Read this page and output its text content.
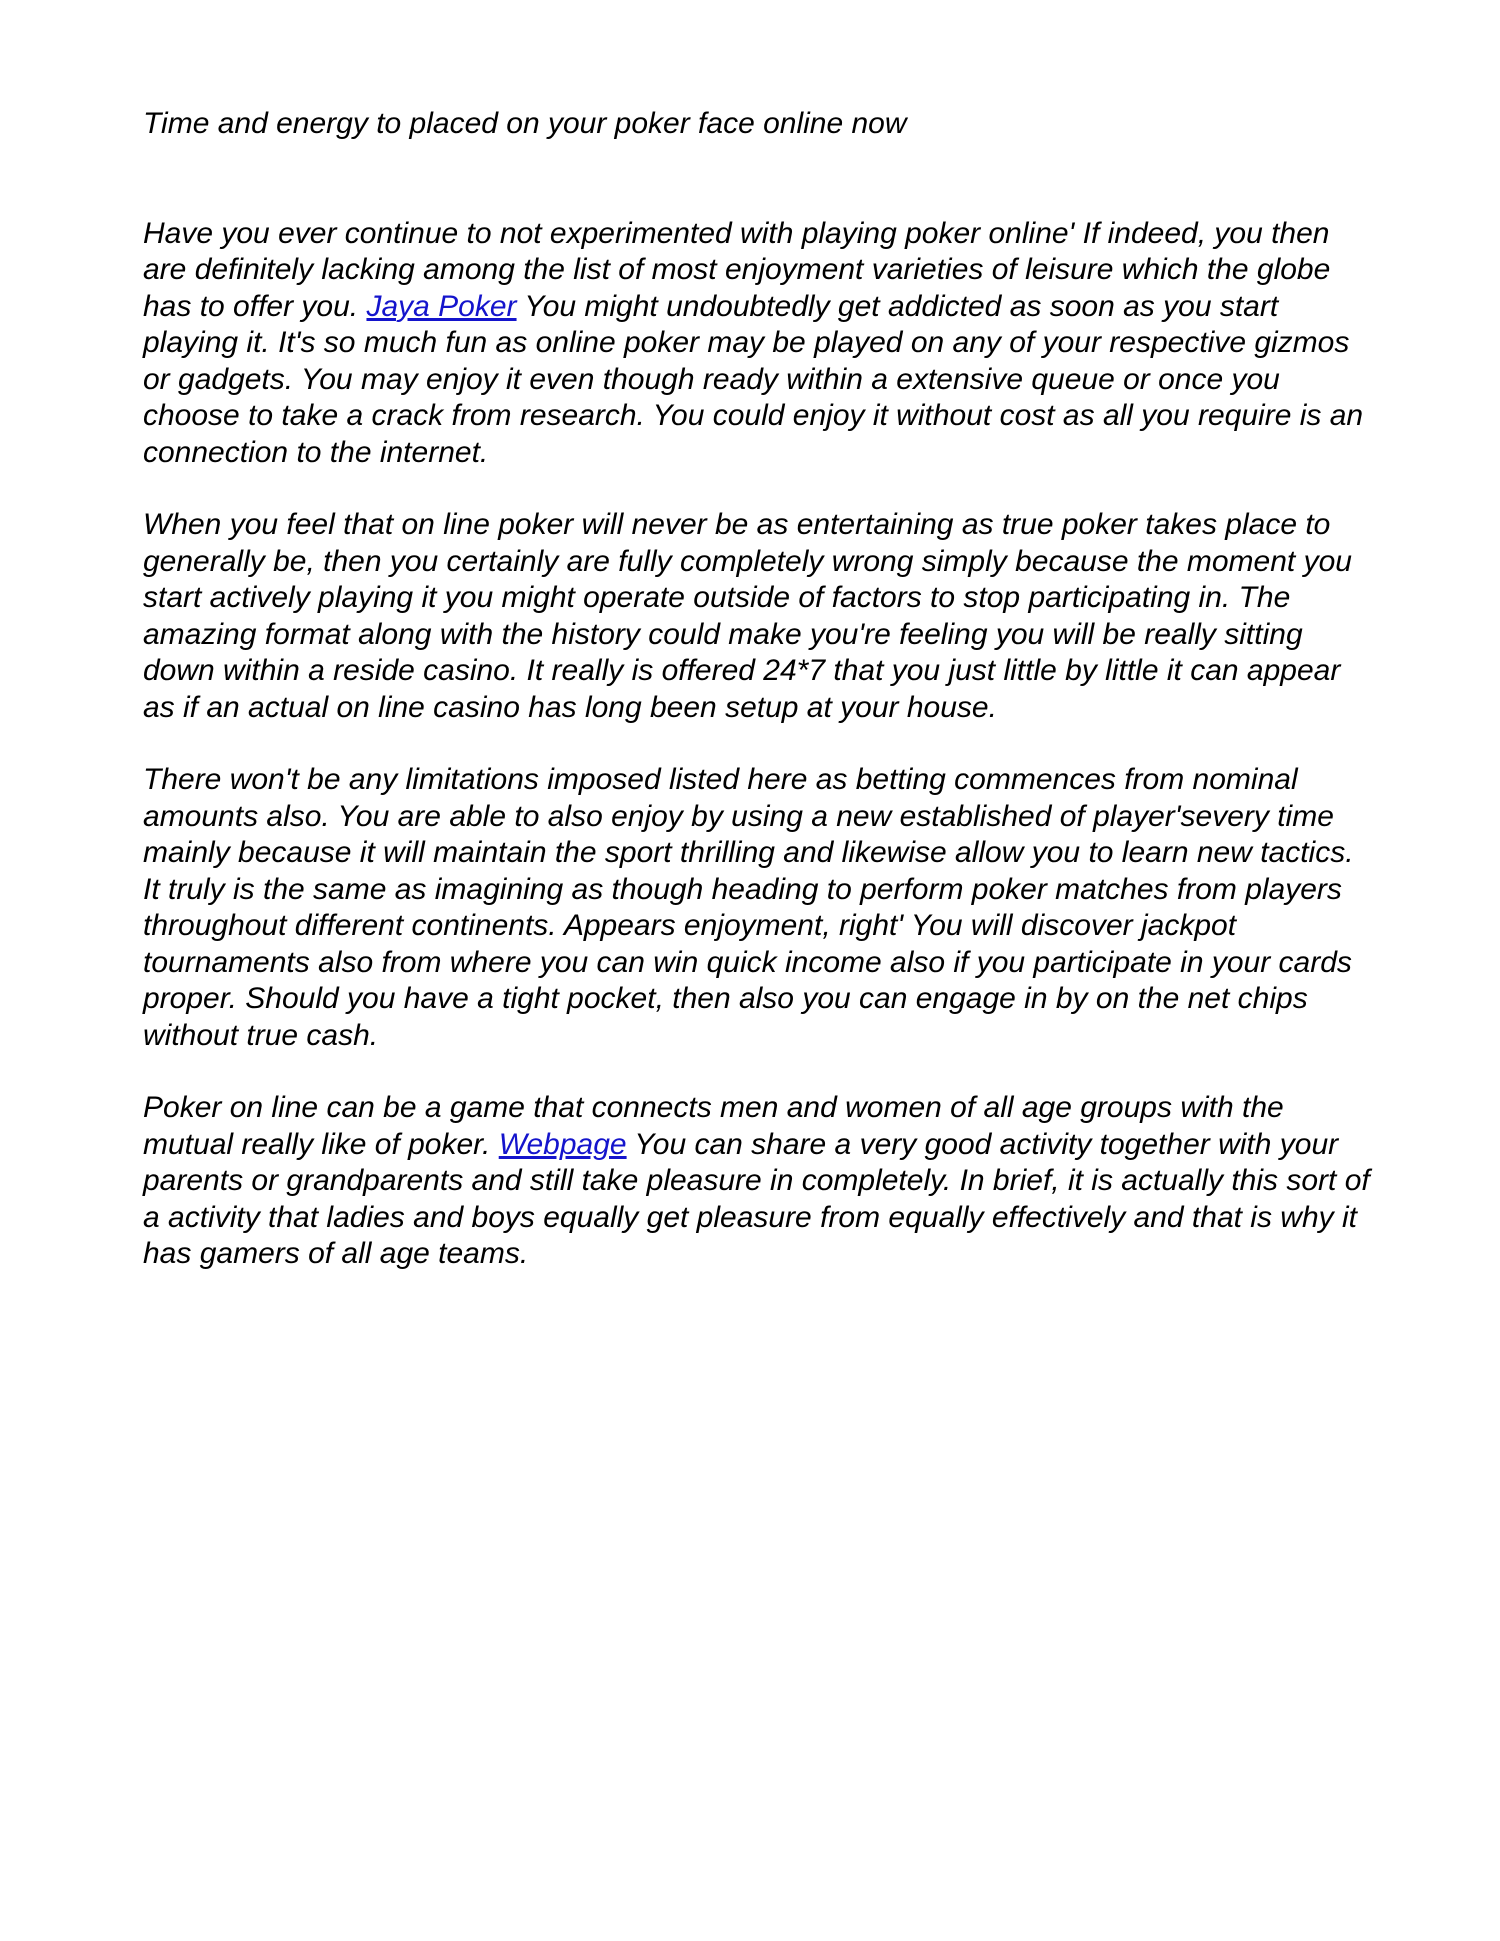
Time and energy to placed on your poker face online now

Have you ever continue to not experimented with playing poker online' If indeed, you then are definitely lacking among the list of most enjoyment varieties of leisure which the globe has to offer you. Jaya Poker You might undoubtedly get addicted as soon as you start playing it. It's so much fun as online poker may be played on any of your respective gizmos or gadgets. You may enjoy it even though ready within a extensive queue or once you choose to take a crack from research. You could enjoy it without cost as all you require is an connection to the internet.

When you feel that on line poker will never be as entertaining as true poker takes place to generally be, then you certainly are fully completely wrong simply because the moment you start actively playing it you might operate outside of factors to stop participating in. The amazing format along with the history could make you're feeling you will be really sitting down within a reside casino. It really is offered 24*7 that you just little by little it can appear as if an actual on line casino has long been setup at your house.

There won't be any limitations imposed listed here as betting commences from nominal amounts also. You are able to also enjoy by using a new established of player'severy time mainly because it will maintain the sport thrilling and likewise allow you to learn new tactics. It truly is the same as imagining as though heading to perform poker matches from players throughout different continents. Appears enjoyment, right' You will discover jackpot tournaments also from where you can win quick income also if you participate in your cards proper. Should you have a tight pocket, then also you can engage in by on the net chips without true cash.

Poker on line can be a game that connects men and women of all age groups with the mutual really like of poker. Webpage You can share a very good activity together with your parents or grandparents and still take pleasure in completely. In brief, it is actually this sort of a activity that ladies and boys equally get pleasure from equally effectively and that is why it has gamers of all age teams.
